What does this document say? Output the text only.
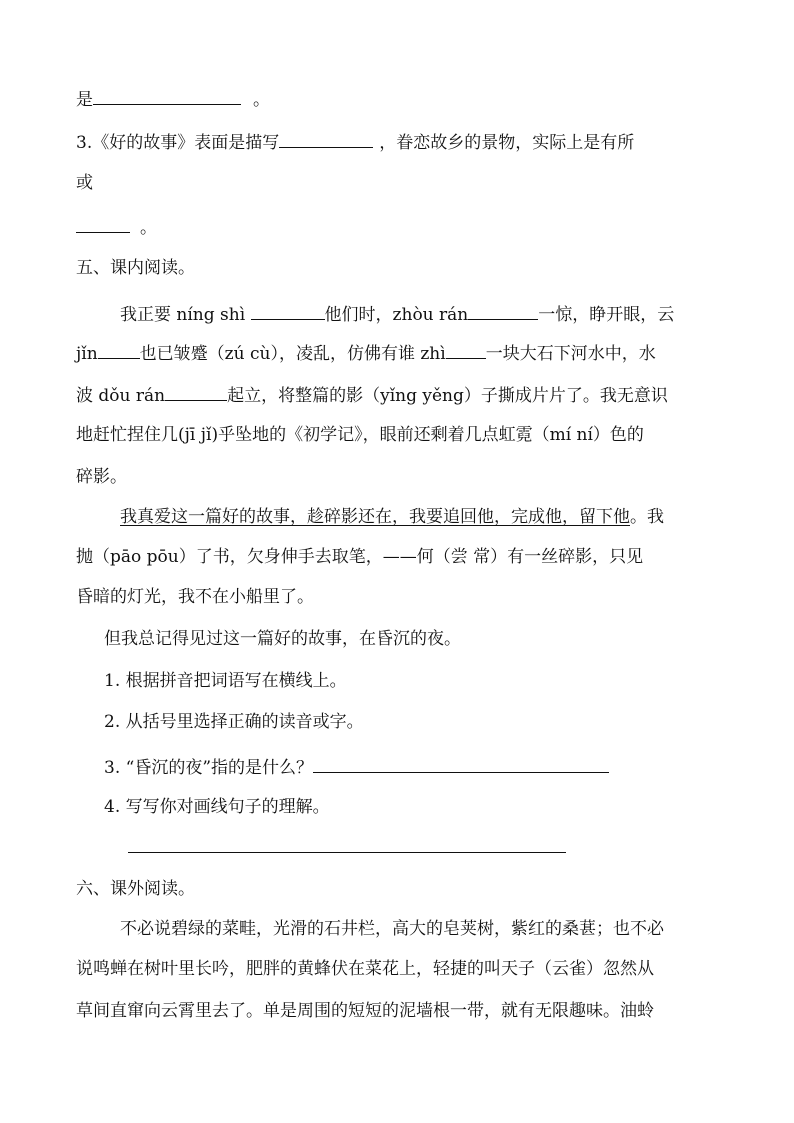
是	。
3.《好的故事》表面是描写	，眷恋故乡的景物，实际上是有所
或
。
五、课内阅读。
我正要 níng shì	他们时，zhòu rán	一惊，睁开眼，云
jǐn 也已皱蹙（zú cù），凌乱，仿佛有谁 zhì 一块大石下河水中，水
波 dǒu rán	起立，将整篇的影（yǐng yěng）子撕成片片了。我无意识
地赶忙捏住几(jī jǐ)乎坠地的《初学记》，眼前还剩着几点虹霓（mí ní）色的
碎影。
我真爱这一篇好的故事，趁碎影还在，我要追回他，完成他，留下他。我
抛（pāo pōu）了书，欠身伸手去取笔，——何（尝 常）有一丝碎影，只见
昏暗的灯光，我不在小船里了。
但我总记得见过这一篇好的故事，在昏沉的夜。
1. 根据拼音把词语写在横线上。
2. 从括号里选择正确的读音或字。
3. “昏沉的夜”指的是什么？
4. 写写你对画线句子的理解。
六、课外阅读。
不必说碧绿的菜畦，光滑的石井栏，高大的皂荚树，紫红的桑葚；也不必
说鸣蝉在树叶里长吟，肥胖的黄蜂伏在菜花上，轻捷的叫天子（云雀）忽然从
草间直窜向云霄里去了。单是周围的短短的泥墙根一带，就有无限趣味。油蛉
